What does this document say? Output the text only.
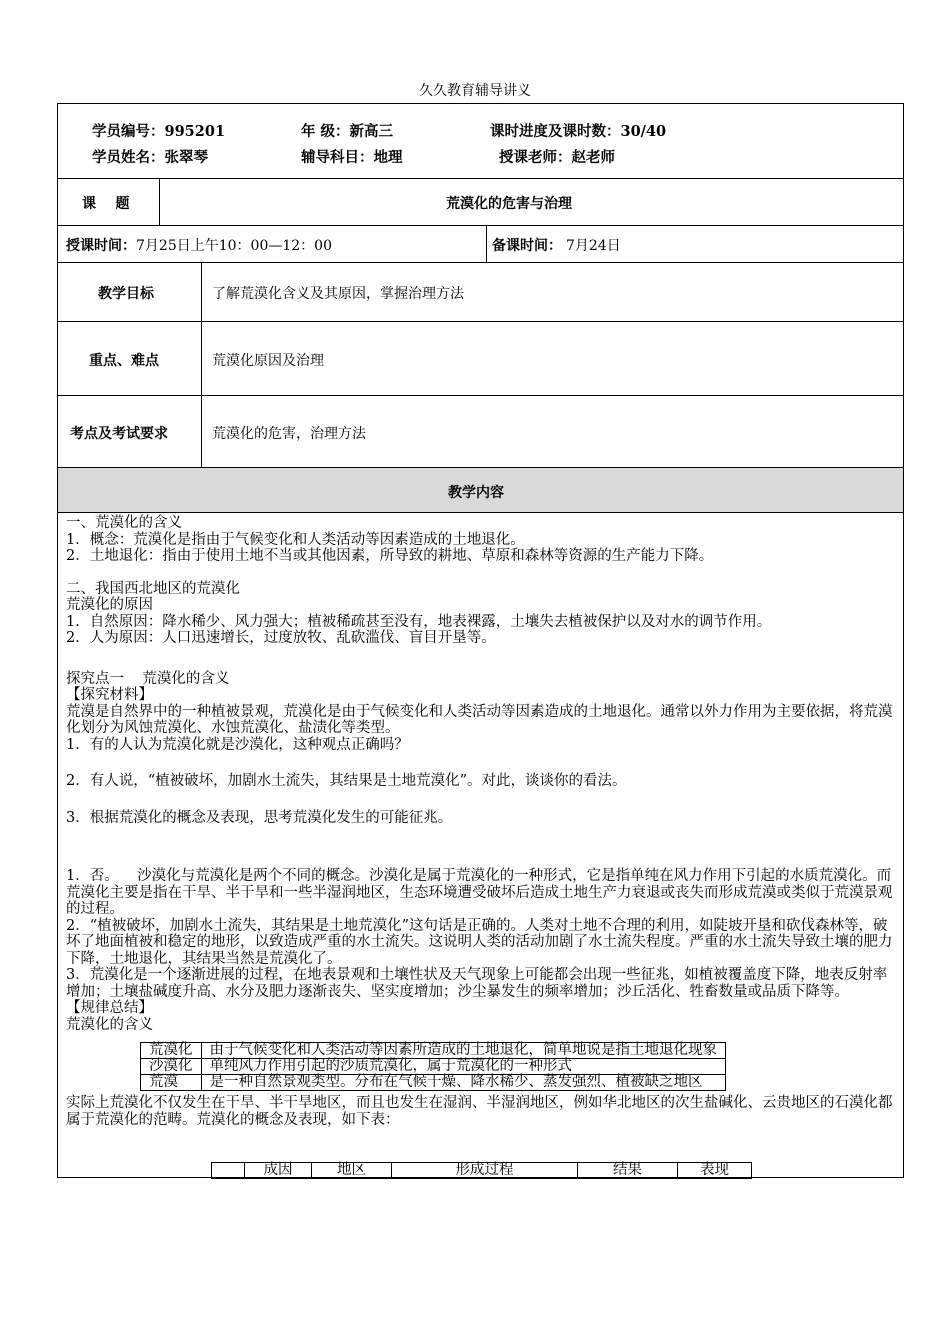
久久教育辅导讲义
学员编号：995201	年 级：新高三	课时进度及课时数：30/40
学员姓名：张翠琴	辅导科目：地理	授课老师：赵老师
课    题	荒漠化的危害与治理
授课时间：7月25日上午10：00—12：00	备课时间： 7月24日
教学目标	了解荒漠化含义及其原因，掌握治理方法
重点、难点	荒漠化原因及治理
考点及考试要求	荒漠化的危害，治理方法
教学内容

一、荒漠化的含义

1．概念：荒漠化是指由于气候变化和人类活动等因素造成的土地退化。

2．土地退化：指由于使用土地不当或其他因素，所导致的耕地、草原和森林等资源的生产能力下降。

二、我国西北地区的荒漠化

荒漠化的原因

1．自然原因：降水稀少、风力强大；植被稀疏甚至没有，地表裸露，土壤失去植被保护以及对水的调节作用。

2．人为原因：人口迅速增长，过度放牧、乱砍滥伐、盲目开垦等。

探究点一    荒漠化的含义

【探究材料】

荒漠是自然界中的一种植被景观，荒漠化是由于气候变化和人类活动等因素造成的土地退化。通常以外力作用为主要依据，将荒漠化划分为风蚀荒漠化、水蚀荒漠化、盐渍化等类型。

1．有的人认为荒漠化就是沙漠化，这种观点正确吗？

2．有人说，“植被破坏，加剧水土流失，其结果是土地荒漠化”。对此，谈谈你的看法。

3．根据荒漠化的概念及表现，思考荒漠化发生的可能征兆。

1．否。    沙漠化与荒漠化是两个不同的概念。沙漠化是属于荒漠化的一种形式，它是指单纯在风力作用下引起的水质荒漠化。而荒漠化主要是指在干旱、半干旱和一些半湿润地区，生态环境遭受破坏后造成土地生产力衰退或丧失而形成荒漠或类似于荒漠景观的过程。

2．“植被破坏，加剧水土流失，其结果是土地荒漠化”这句话是正确的。人类对土地不合理的利用，如陡坡开垦和砍伐森林等，破坏了地面植被和稳定的地形，以致造成严重的水土流失。这说明人类的活动加剧了水土流失程度。严重的水土流失导致土壤的肥力下降，土地退化，其结果当然是荒漠化了。

3．荒漠化是一个逐渐进展的过程，在地表景观和土壤性状及天气现象上可能都会出现一些征兆，如植被覆盖度下降，地表反射率增加；土壤盐碱度升高、水分及肥力逐渐丧失、坚实度增加；沙尘暴发生的频率增加；沙丘活化、牲畜数量或品质下降等。

【规律总结】

荒漠化的含义

荒漠化	由于气候变化和人类活动等因素所造成的土地退化，简单地说是指土地退化现象
沙漠化	单纯风力作用引起的沙质荒漠化，属于荒漠化的一种形式
荒漠	是一种自然景观类型。分布在气候干燥、降水稀少、蒸发强烈、植被缺乏地区

实际上荒漠化不仅发生在干旱、半干旱地区，而且也发生在湿润、半湿润地区，例如华北地区的次生盐碱化、云贵地区的石漠化都属于荒漠化的范畴。荒漠化的概念及表现，如下表：

	成因	地区	形成过程	结果	表现
